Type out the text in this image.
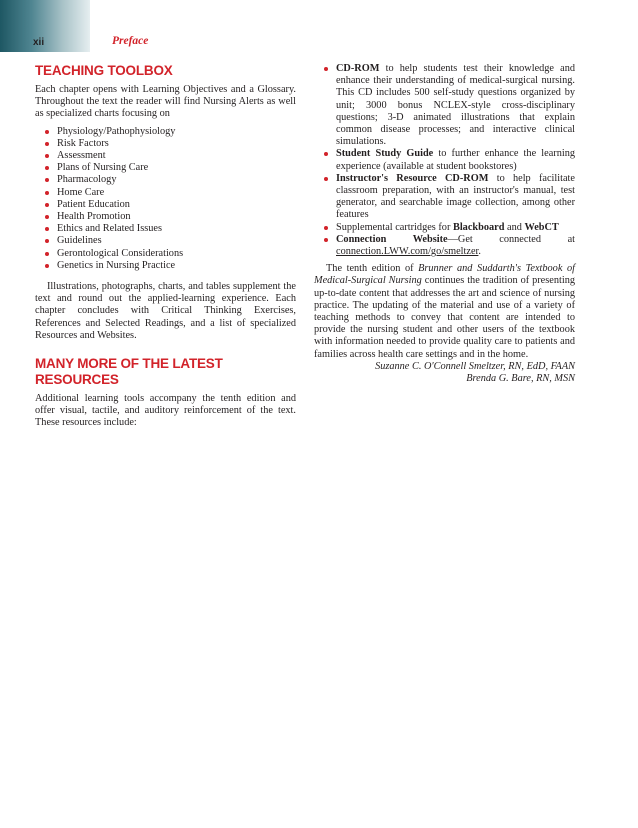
xii	Preface
TEACHING TOOLBOX

Each chapter opens with Learning Objectives and a Glossary. Throughout the text the reader will find Nursing Alerts as well as specialized charts focusing on

Physiology/Pathophysiology
Risk Factors
Assessment
Plans of Nursing Care
Pharmacology
Home Care
Patient Education
Health Promotion
Ethics and Related Issues
Guidelines
Gerontological Considerations
Genetics in Nursing Practice

Illustrations, photographs, charts, and tables supplement the text and round out the applied-learning experience. Each chapter concludes with Critical Thinking Exercises, References and Selected Readings, and a list of specialized Resources and Websites.

MANY MORE OF THE LATEST RESOURCES

Additional learning tools accompany the tenth edition and offer visual, tactile, and auditory reinforcement of the text. These resources include:

CD-ROM to help students test their knowledge and enhance their understanding of medical-surgical nursing. This CD includes 500 self-study questions organized by unit; 3000 bonus NCLEX-style cross-disciplinary questions; 3-D animated illustrations that explain common disease processes; and interactive clinical simulations.
Student Study Guide to further enhance the learning experience (available at student bookstores)
Instructor's Resource CD-ROM to help facilitate classroom preparation, with an instructor's manual, test generator, and searchable image collection, among other features
Supplemental cartridges for Blackboard and WebCT
Connection Website—Get connected at connection.LWW.com/go/smeltzer.

The tenth edition of Brunner and Suddarth's Textbook of Medical-Surgical Nursing continues the tradition of presenting up-to-date content that addresses the art and science of nursing practice. The updating of the material and use of a variety of teaching methods to convey that content are intended to provide the nursing student and other users of the textbook with information needed to provide quality care to patients and families across health care settings and in the home.

Suzanne C. O'Connell Smeltzer, RN, EdD, FAAN
Brenda G. Bare, RN, MSN
